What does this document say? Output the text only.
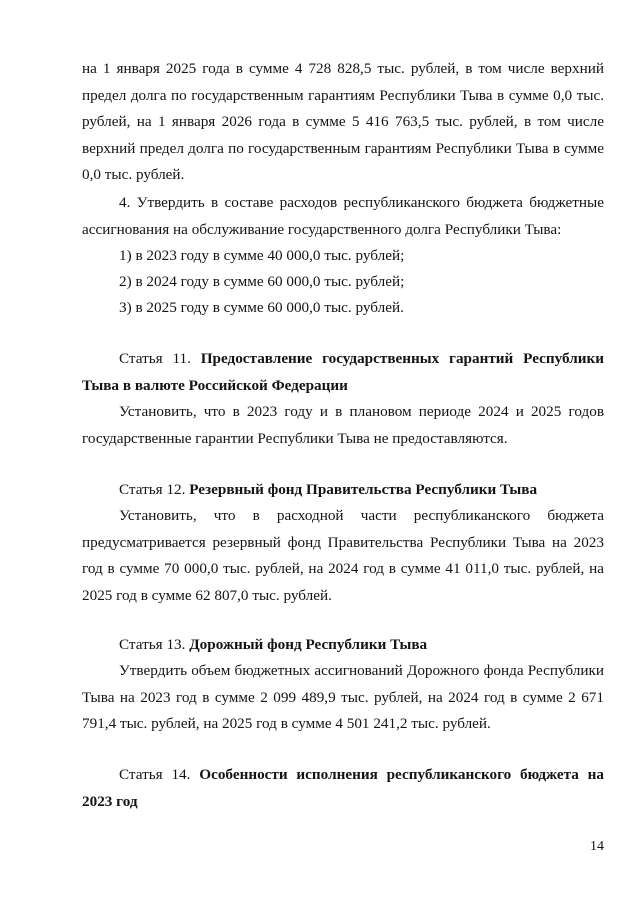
на 1 января 2025 года в сумме 4 728 828,5 тыс. рублей, в том числе верхний предел долга по государственным гарантиям Республики Тыва в сумме 0,0 тыс. рублей, на 1 января 2026 года в сумме 5 416 763,5 тыс. рублей, в том числе верхний предел долга по государственным гарантиям Республики Тыва в сумме 0,0 тыс. рублей.

4. Утвердить в составе расходов республиканского бюджета бюджетные ассигнования на обслуживание государственного долга Республики Тыва:

1) в 2023 году в сумме 40 000,0 тыс. рублей;

2) в 2024 году в сумме 60 000,0 тыс. рублей;

3) в 2025 году в сумме 60 000,0 тыс. рублей.

Статья 11. Предоставление государственных гарантий Республики Тыва в валюте Российской Федерации

Установить, что в 2023 году и в плановом периоде 2024 и 2025 годов государственные гарантии Республики Тыва не предоставляются.

Статья 12. Резервный фонд Правительства Республики Тыва

Установить, что в расходной части республиканского бюджета предусматривается резервный фонд Правительства Республики Тыва на 2023 год в сумме 70 000,0 тыс. рублей, на 2024 год в сумме 41 011,0 тыс. рублей, на 2025 год в сумме 62 807,0 тыс. рублей.

Статья 13. Дорожный фонд Республики Тыва

Утвердить объем бюджетных ассигнований Дорожного фонда Республики Тыва на 2023 год в сумме 2 099 489,9 тыс. рублей, на 2024 год в сумме 2 671 791,4 тыс. рублей, на 2025 год в сумме 4 501 241,2 тыс. рублей.

Статья 14. Особенности исполнения республиканского бюджета на 2023 год

14
